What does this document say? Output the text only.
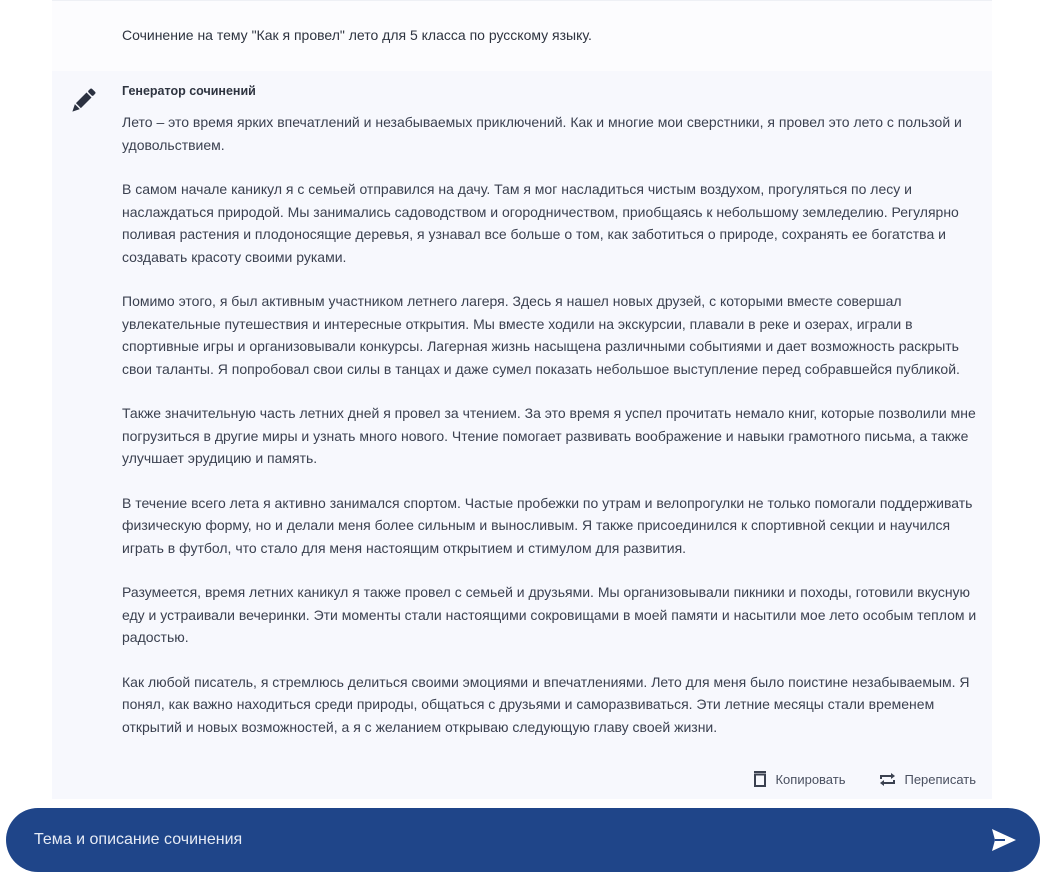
Сочинение на тему "Как я провел" лето для 5 класса по русскому языку.
Генератор сочинений

Лето – это время ярких впечатлений и незабываемых приключений. Как и многие мои сверстники, я провел это лето с пользой и удовольствием.

В самом начале каникул я с семьей отправился на дачу. Там я мог насладиться чистым воздухом, прогуляться по лесу и наслаждаться природой. Мы занимались садоводством и огородничеством, приобщаясь к небольшому земледелию. Регулярно поливая растения и плодоносящие деревья, я узнавал все больше о том, как заботиться о природе, сохранять ее богатства и создавать красоту своими руками.

Помимо этого, я был активным участником летнего лагеря. Здесь я нашел новых друзей, с которыми вместе совершал увлекательные путешествия и интересные открытия. Мы вместе ходили на экскурсии, плавали в реке и озерах, играли в спортивные игры и организовывали конкурсы. Лагерная жизнь насыщена различными событиями и дает возможность раскрыть свои таланты. Я попробовал свои силы в танцах и даже сумел показать небольшое выступление перед собравшейся публикой.

Также значительную часть летних дней я провел за чтением. За это время я успел прочитать немало книг, которые позволили мне погрузиться в другие миры и узнать много нового. Чтение помогает развивать воображение и навыки грамотного письма, а также улучшает эрудицию и память.

В течение всего лета я активно занимался спортом. Частые пробежки по утрам и велопрогулки не только помогали поддерживать физическую форму, но и делали меня более сильным и выносливым. Я также присоединился к спортивной секции и научился играть в футбол, что стало для меня настоящим открытием и стимулом для развития.

Разумеется, время летних каникул я также провел с семьей и друзьями. Мы организовывали пикники и походы, готовили вкусную еду и устраивали вечеринки. Эти моменты стали настоящими сокровищами в моей памяти и насытили мое лето особым теплом и радостью.

Как любой писатель, я стремлюсь делиться своими эмоциями и впечатлениями. Лето для меня было поистине незабываемым. Я понял, как важно находиться среди природы, общаться с друзьями и саморазвиваться. Эти летние месяцы стали временем открытий и новых возможностей, а я с желанием открываю следующую главу своей жизни.

Копировать	Переписать
Тема и описание сочинения
